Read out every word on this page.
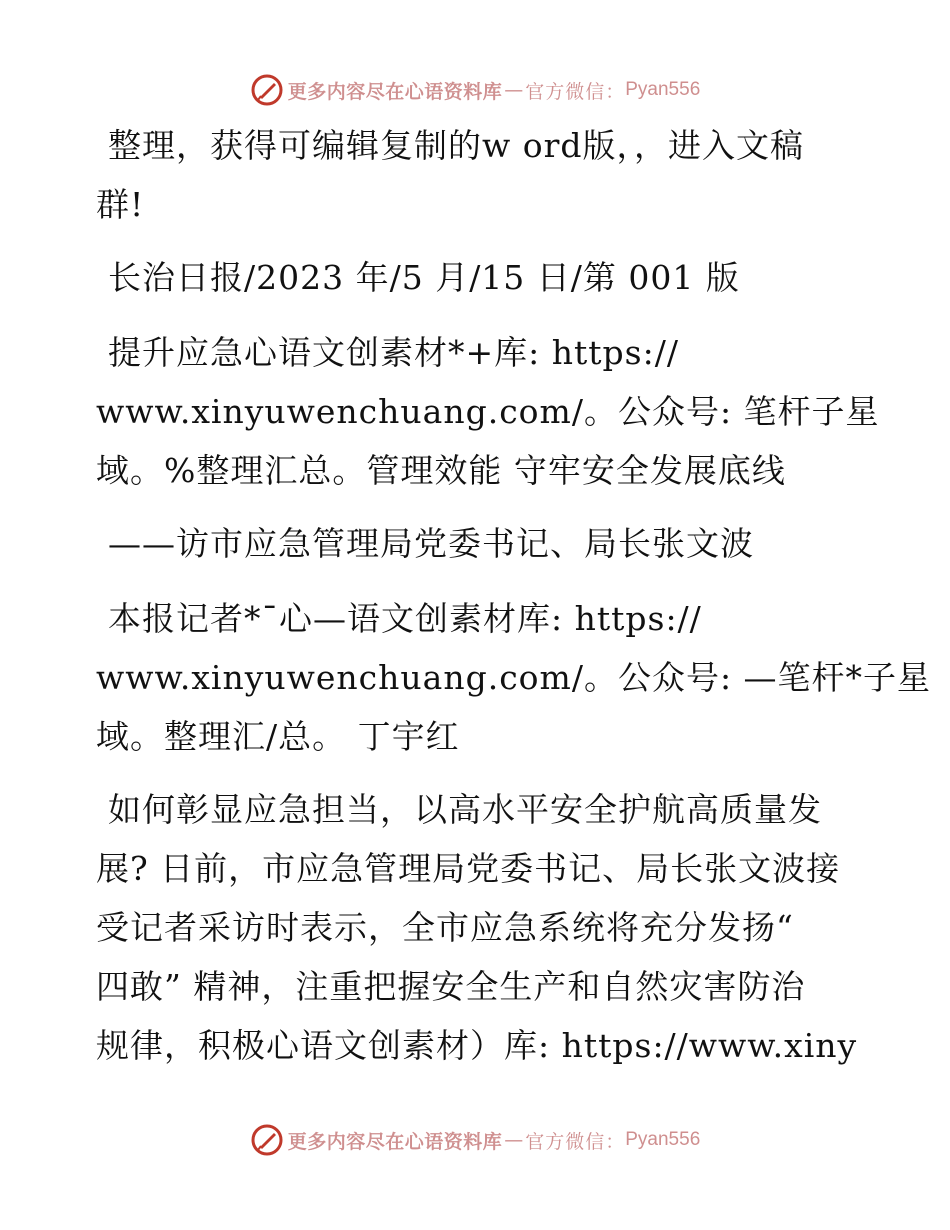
更多内容尽在心语资料库 — 官方微信： Pyan556
整理，获得可编辑复制的w ord版，，进入文稿
群!
长治日报/2023 年/5 月/15 日/第 001 版
提升应急心语文创素材*+库: https://
www.xinyuwenchuang.com/。公众号: 笔杆子星
域。%整理汇总。管理效能 守牢安全发展底线
——访市应急管理局党委书记、局长张文波
本报记者*¯心—语文创素材库: https://
www.xinyuwenchuang.com/。公众号: —笔杆*子星
域。整理汇/总。 丁宇红
如何彰显应急担当，以高水平安全护航高质量发
展? 日前，市应急管理局党委书记、局长张文波接
受记者采访时表示，全市应急系统将充分发扬“
四敢” 精神，注重把握安全生产和自然灾害防治
规律，积极心语文创素材）库: https://www.xiny
更多内容尽在心语资料库 — 官方微信： Pyan556
